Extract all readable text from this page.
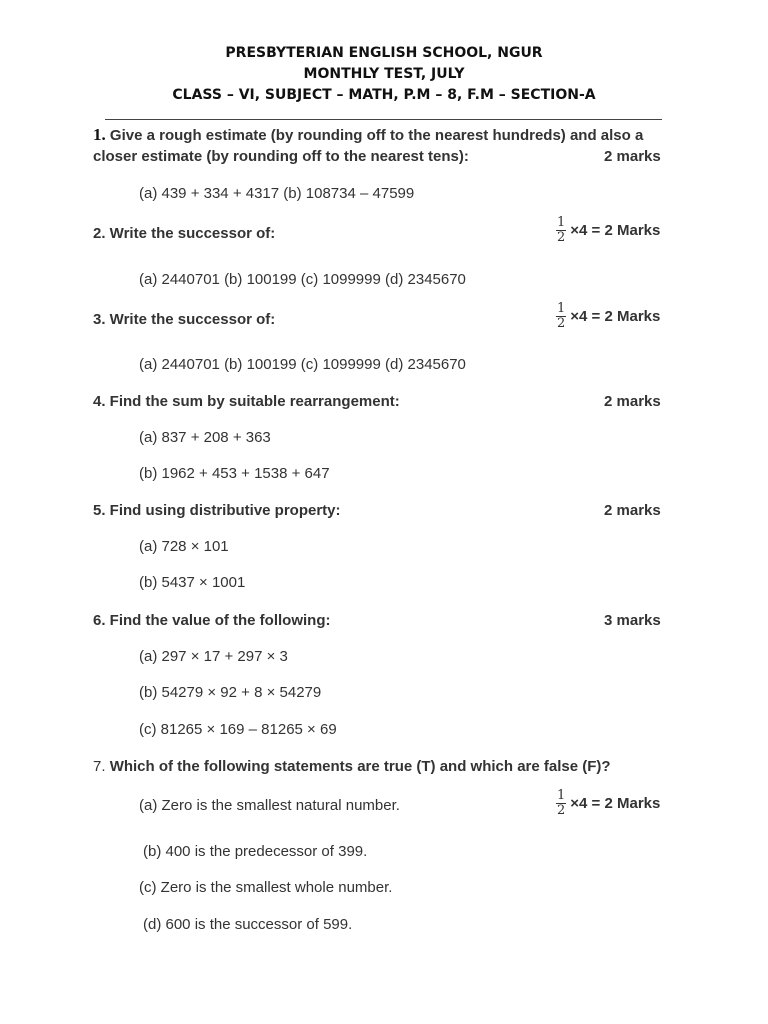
PRESBYTERIAN ENGLISH SCHOOL, NGUR
MONTHLY TEST, JULY
CLASS – VI, SUBJECT – MATH, P.M – 8, F.M – SECTION-A
1. Give a rough estimate (by rounding off to the nearest hundreds) and also a
closer estimate (by rounding off to the nearest tens):	2 marks
(a) 439 + 334 + 4317 (b) 108734 – 47599
2. Write the successor of:	$\frac{1}{2} \times 4 = 2$ Marks
(a) 2440701 (b) 100199 (c) 1099999 (d) 2345670
3. Write the successor of:	$\frac{1}{2} \times 4 = 2$ Marks
(a) 2440701 (b) 100199 (c) 1099999 (d) 2345670
4. Find the sum by suitable rearrangement:	2 marks
(a) 837 + 208 + 363
(b) 1962 + 453 + 1538 + 647
5. Find using distributive property:	2 marks
(a) 728 × 101
(b) 5437 × 1001
6. Find the value of the following:	3 marks
(a) 297 × 17 + 297 × 3
(b) 54279 × 92 + 8 × 54279
(c) 81265 × 169 – 81265 × 69
7. Which of the following statements are true (T) and which are false (F)?
(a) Zero is the smallest natural number.	$\frac{1}{2} \times 4 = 2$ Marks
(b) 400 is the predecessor of 399.
(c) Zero is the smallest whole number.
(d) 600 is the successor of 599.
